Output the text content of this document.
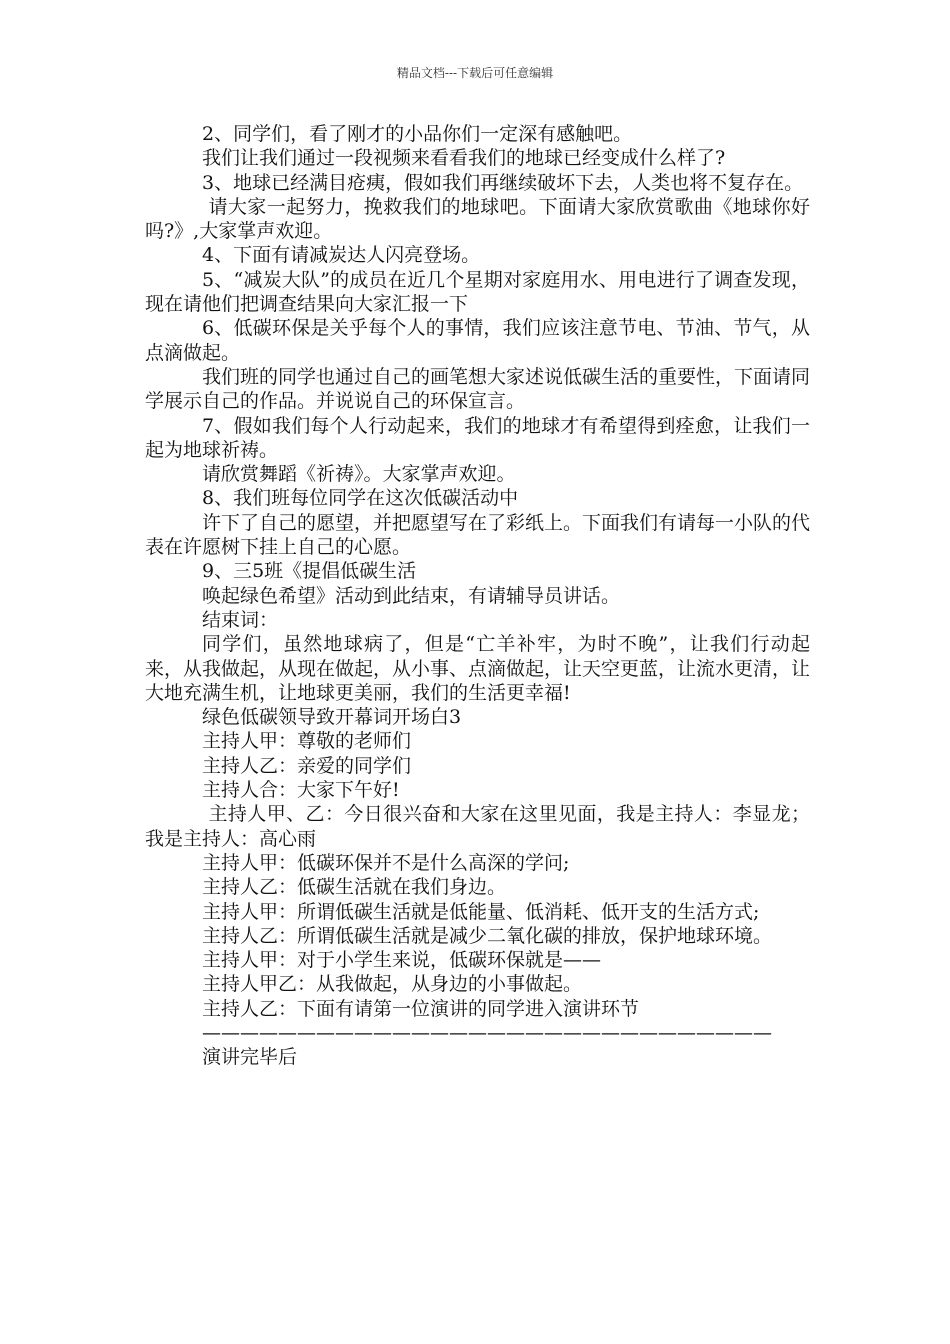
精品文档---下载后可任意编辑

2、同学们，看了刚才的小品你们一定深有感触吧。

我们让我们通过一段视频来看看我们的地球已经变成什么样了?

3、地球已经满目疮痍，假如我们再继续破坏下去，人类也将不复存在。

请大家一起努力，挽救我们的地球吧。下面请大家欣赏歌曲《地球你好吗?》,大家掌声欢迎。

4、下面有请减炭达人闪亮登场。

5、“减炭大队”的成员在近几个星期对家庭用水、用电进行了调查发现，现在请他们把调查结果向大家汇报一下

6、低碳环保是关乎每个人的事情，我们应该注意节电、节油、节气，从点滴做起。

我们班的同学也通过自己的画笔想大家述说低碳生活的重要性，下面请同学展示自己的作品。并说说自己的环保宣言。

7、假如我们每个人行动起来，我们的地球才有希望得到痊愈，让我们一起为地球祈祷。

请欣赏舞蹈《祈祷》。大家掌声欢迎。

8、我们班每位同学在这次低碳活动中

许下了自己的愿望，并把愿望写在了彩纸上。下面我们有请每一小队的代表在许愿树下挂上自己的心愿。

9、三5班《提倡低碳生活

唤起绿色希望》活动到此结束，有请辅导员讲话。

结束词：

同学们，虽然地球病了，但是“亡羊补牢，为时不晚”，让我们行动起来，从我做起，从现在做起，从小事、点滴做起，让天空更蓝，让流水更清，让大地充满生机，让地球更美丽，我们的生活更幸福!

绿色低碳领导致开幕词开场白3

主持人甲：尊敬的老师们

主持人乙：亲爱的同学们

主持人合：大家下午好!

主持人甲、乙：今日很兴奋和大家在这里见面，我是主持人：李显龙；我是主持人：高心雨

主持人甲：低碳环保并不是什么高深的学问;

主持人乙：低碳生活就在我们身边。

主持人甲：所谓低碳生活就是低能量、低消耗、低开支的生活方式;

主持人乙：所谓低碳生活就是减少二氧化碳的排放，保护地球环境。

主持人甲：对于小学生来说，低碳环保就是——

主持人甲乙：从我做起，从身边的小事做起。

主持人乙：下面有请第一位演讲的同学进入演讲环节

——————————————————————————————

演讲完毕后
